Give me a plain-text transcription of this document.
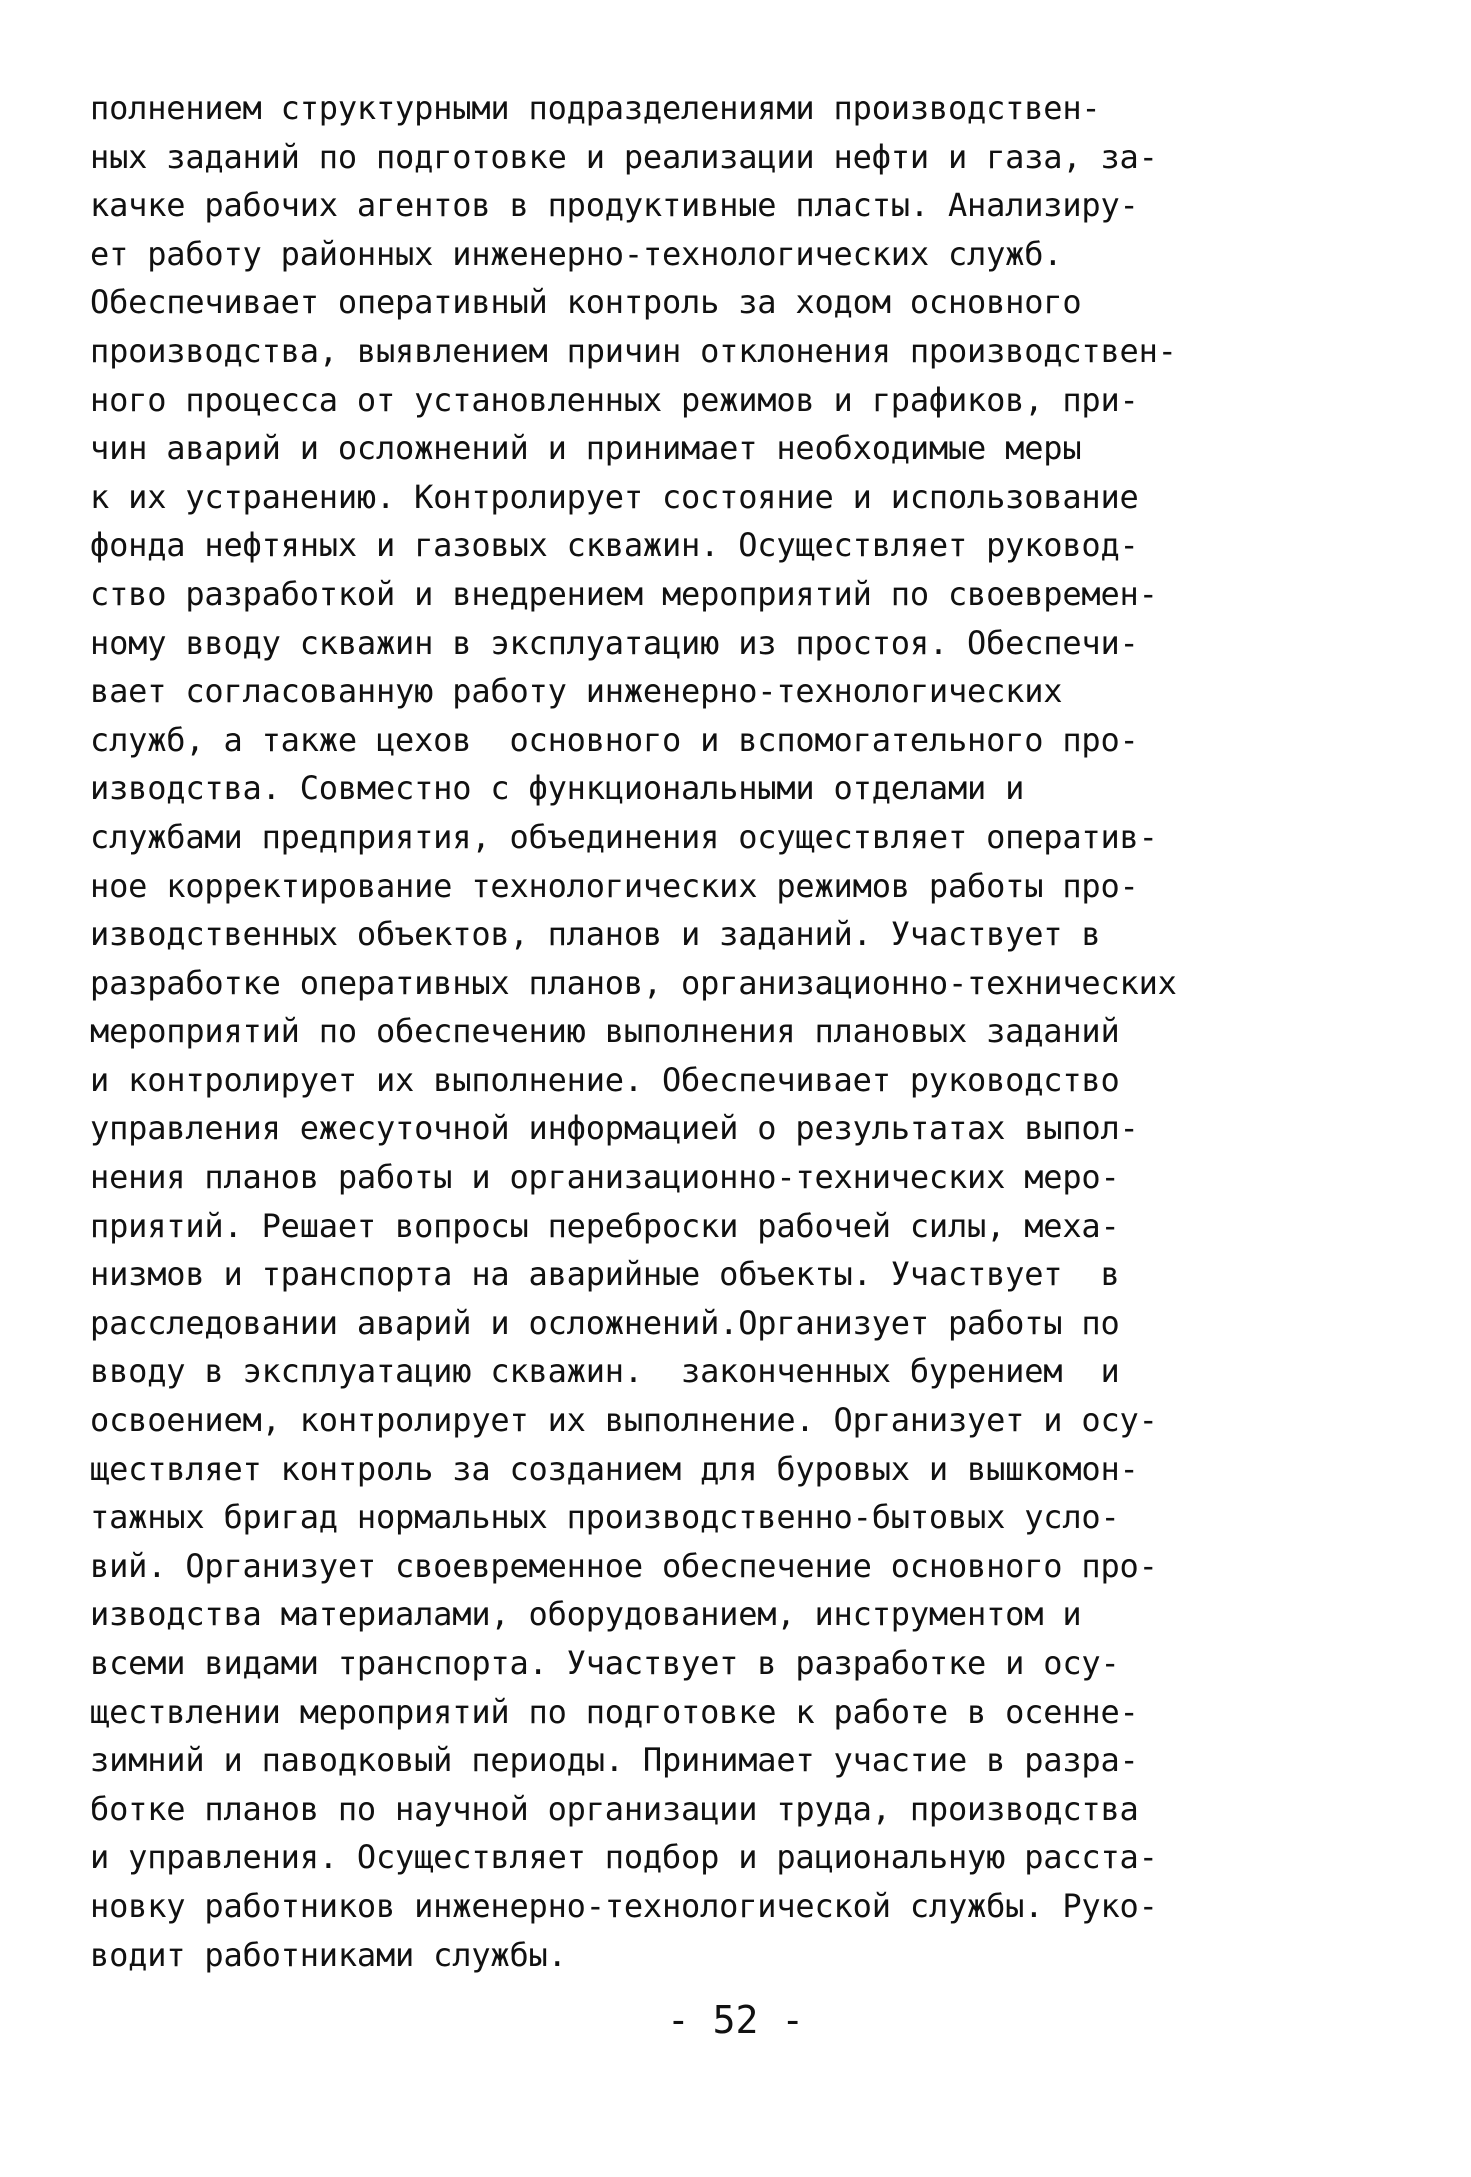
полнением структурными подразделениями производствен-
ных заданий по подготовке и реализации нефти и газа, за-
качке рабочих агентов в продуктивные пласты. Анализиру-
ет работу районных инженерно-технологических служб.
Обеспечивает оперативный контроль за ходом основного
производства, выявлением причин отклонения производствен-
ного процесса от установленных режимов и графиков, при-
чин аварий и осложнений и принимает необходимые меры
к их устранению. Контролирует состояние и использование
фонда нефтяных и газовых скважин. Осуществляет руковод-
ство разработкой и внедрением мероприятий по своевремен-
ному вводу скважин в эксплуатацию из простоя. Обеспечи-
вает согласованную работу инженерно-технологических
служб, а также цехов  основного и вспомогательного про-
изводства. Совместно с функциональными отделами и
службами предприятия, объединения осуществляет оператив-
ное корректирование технологических режимов работы про-
изводственных объектов, планов и заданий. Участвует в
разработке оперативных планов, организационно-технических
мероприятий по обеспечению выполнения плановых заданий
и контролирует их выполнение. Обеспечивает руководство
управления ежесуточной информацией о результатах выпол-
нения планов работы и организационно-технических меро-
приятий. Решает вопросы переброски рабочей силы, меха-
низмов и транспорта на аварийные объекты. Участвует  в
расследовании аварий и осложнений.Организует работы по
вводу в эксплуатацию скважин.  законченных бурением  и
освоением, контролирует их выполнение. Организует и осу-
ществляет контроль за созданием для буровых и вышкомон-
тажных бригад нормальных производственно-бытовых усло-
вий. Организует своевременное обеспечение основного про-
изводства материалами, оборудованием, инструментом и
всеми видами транспорта. Участвует в разработке и осу-
ществлении мероприятий по подготовке к работе в осенне-
зимний и паводковый периоды. Принимает участие в разра-
ботке планов по научной организации труда, производства
и управления. Осуществляет подбор и рациональную расста-
новку работников инженерно-технологической службы. Руко-
водит работниками службы.
- 52 -
